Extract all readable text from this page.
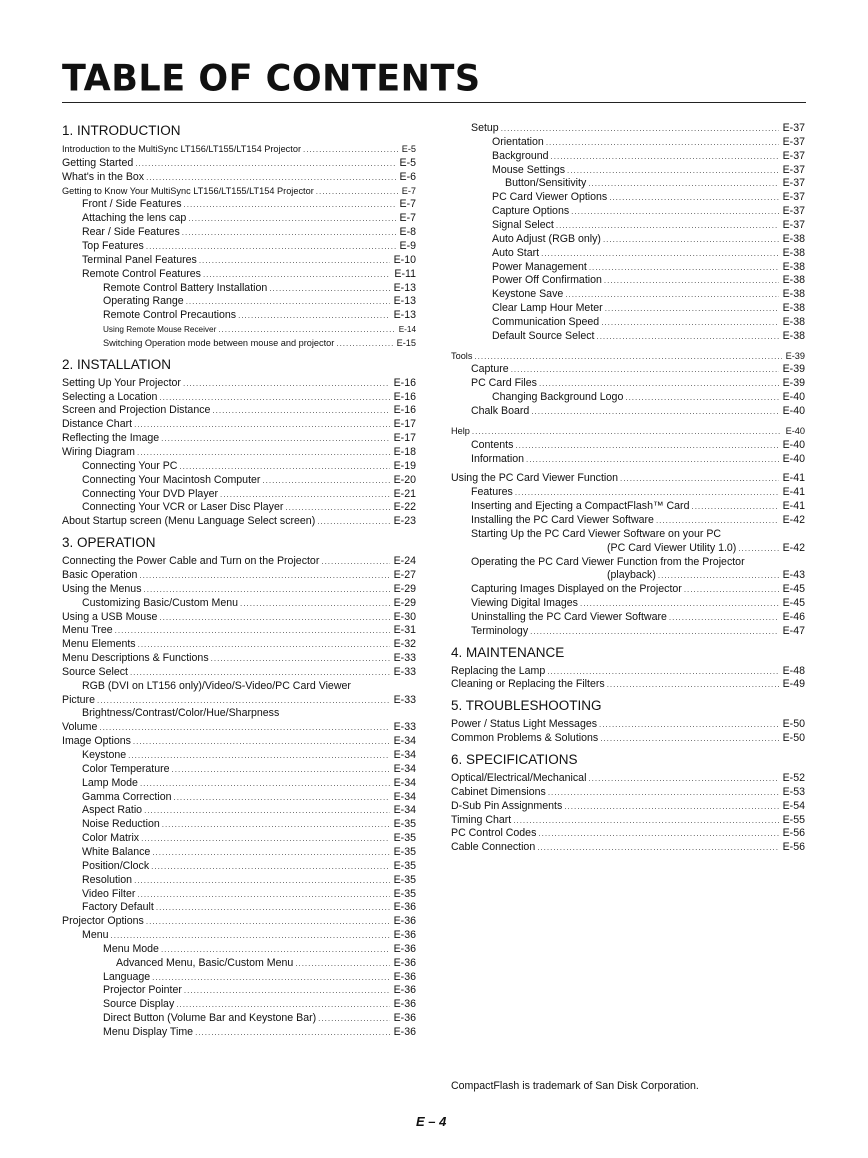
TABLE OF CONTENTS
1. INTRODUCTION
Introduction to the MultiSync LT156/LT155/LT154 Projector .....	E-5
Getting Started .....	E-5
What's in the Box .....	E-6
Getting to Know Your MultiSync LT156/LT155/LT154 Projector .....	E-7
Front / Side Features .....	E-7
Attaching the lens cap .....	E-7
Rear / Side Features .....	E-8
Top Features .....	E-9
Terminal Panel Features .....	E-10
Remote Control Features .....	E-11
Remote Control Battery Installation .....	E-13
Operating Range .....	E-13
Remote Control Precautions .....	E-13
Using Remote Mouse Receiver .....	E-14
Switching Operation mode between mouse and projector .....	E-15
2. INSTALLATION
Setting Up Your Projector .....	E-16
Selecting a Location .....	E-16
Screen and Projection Distance .....	E-16
Distance Chart .....	E-17
Reflecting the Image .....	E-17
Wiring Diagram .....	E-18
Connecting Your PC .....	E-19
Connecting Your Macintosh Computer .....	E-20
Connecting Your DVD Player .....	E-21
Connecting Your VCR or Laser Disc Player .....	E-22
About Startup screen (Menu Language Select screen) .....	E-23
3. OPERATION
Connecting the Power Cable and Turn on the Projector .....	E-24
Basic Operation .....	E-27
Using the Menus .....	E-29
Customizing Basic/Custom Menu .....	E-29
Using a USB Mouse .....	E-30
Menu Tree .....	E-31
Menu Elements .....	E-32
Menu Descriptions & Functions .....	E-33
Source Select .....	E-33
RGB (DVI on LT156 only)/Video/S-Video/PC Card Viewer
Picture .....	E-33
Brightness/Contrast/Color/Hue/Sharpness
Volume .....	E-33
Image Options .....	E-34
Keystone .....	E-34
Color Temperature .....	E-34
Lamp Mode .....	E-34
Gamma Correction .....	E-34
Aspect Ratio .....	E-34
Noise Reduction .....	E-35
Color Matrix .....	E-35
White Balance .....	E-35
Position/Clock .....	E-35
Resolution .....	E-35
Video Filter .....	E-35
Factory Default .....	E-36
Projector Options .....	E-36
Menu .....	E-36
Menu Mode .....	E-36
Advanced Menu, Basic/Custom Menu .....	E-36
Language .....	E-36
Projector Pointer .....	E-36
Source Display .....	E-36
Direct Button (Volume Bar and Keystone Bar) .....	E-36
Menu Display Time .....	E-36
Setup .....	E-37
Orientation .....	E-37
Background .....	E-37
Mouse Settings .....	E-37
Button/Sensitivity .....	E-37
PC Card Viewer Options .....	E-37
Capture Options .....	E-37
Signal Select .....	E-37
Auto Adjust (RGB only) .....	E-38
Auto Start .....	E-38
Power Management .....	E-38
Power Off Confirmation .....	E-38
Keystone Save .....	E-38
Clear Lamp Hour Meter .....	E-38
Communication Speed .....	E-38
Default Source Select .....	E-38
Tools .....	E-39
Capture .....	E-39
PC Card Files .....	E-39
Changing Background Logo .....	E-40
Chalk Board .....	E-40
Help .....	E-40
Contents .....	E-40
Information .....	E-40
Using the PC Card Viewer Function .....	E-41
Features .....	E-41
Inserting and Ejecting a CompactFlash™ Card .....	E-41
Installing the PC Card Viewer Software .....	E-42
Starting Up the PC Card Viewer Software on your PC
(PC Card Viewer Utility 1.0) .....	E-42
Operating the PC Card Viewer Function from the Projector
(playback) .....	E-43
Capturing Images Displayed on the Projector .....	E-45
Viewing Digital Images .....	E-45
Uninstalling the PC Card Viewer Software .....	E-46
Terminology .....	E-47
4. MAINTENANCE
Replacing the Lamp .....	E-48
Cleaning or Replacing the Filters .....	E-49
5. TROUBLESHOOTING
Power / Status Light Messages .....	E-50
Common Problems & Solutions .....	E-50
6. SPECIFICATIONS
Optical/Electrical/Mechanical .....	E-52
Cabinet Dimensions .....	E-53
D-Sub Pin Assignments .....	E-54
Timing Chart .....	E-55
PC Control Codes .....	E-56
Cable Connection .....	E-56
CompactFlash is trademark of San Disk Corporation.
E – 4
